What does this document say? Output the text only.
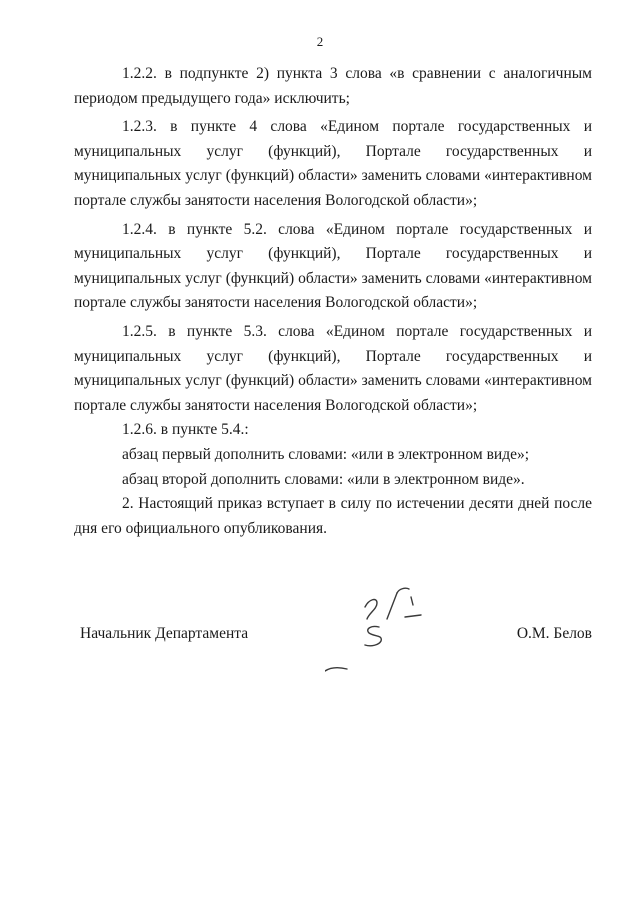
2

1.2.2. в подпункте 2) пункта 3 слова «в сравнении с аналогичным периодом предыдущего года» исключить;

1.2.3. в пункте 4 слова «Едином портале государственных и муниципальных услуг (функций), Портале государственных и муниципальных услуг (функций) области» заменить словами «интерактивном портале службы занятости населения Вологодской области»;

1.2.4. в пункте 5.2. слова «Едином портале государственных и муниципальных услуг (функций), Портале государственных и муниципальных услуг (функций) области» заменить словами «интерактивном портале службы занятости населения Вологодской области»;

1.2.5. в пункте 5.3. слова «Едином портале государственных и муниципальных услуг (функций), Портале государственных и муниципальных услуг (функций) области» заменить словами «интерактивном портале службы занятости населения Вологодской области»;

1.2.6. в пункте 5.4.:

абзац первый дополнить словами: «или в электронном виде»;

абзац второй дополнить словами: «или в электронном виде».

2. Настоящий приказ вступает в силу по истечении десяти дней после дня его официального опубликования.

Начальник Департамента	О.М. Белов
